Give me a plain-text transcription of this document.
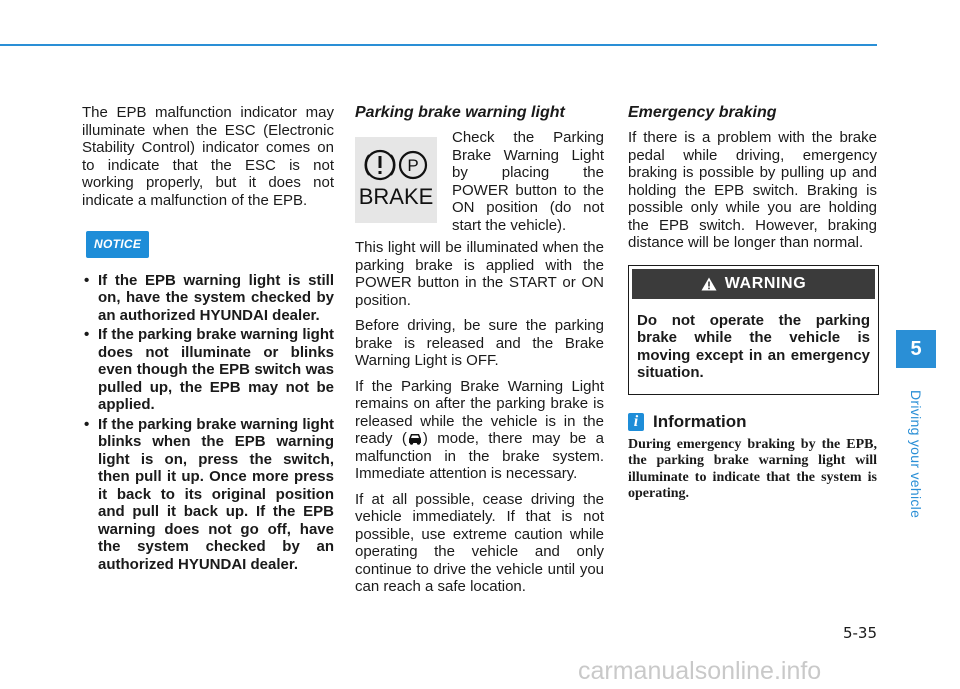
The EPB malfunction indicator may illuminate when the ESC (Electronic Stability Control) indicator comes on to indicate that the ESC is not working properly, but it does not indicate a malfunction of the EPB.

NOTICE
• If the EPB warning light is still on, have the system checked by an authorized HYUNDAI dealer.
• If the parking brake warning light does not illuminate or blinks even though the EPB switch was pulled up, the EPB may not be applied.
• If the parking brake warning light blinks when the EPB warning light is on, press the switch, then pull it up. Once more press it back to its original position and pull it back up. If the EPB warning does not go off, have the system checked by an authorized HYUNDAI dealer.
Parking brake warning light
P
BRAKE

Check the Parking Brake Warning Light by placing the POWER button to the ON position (do not start the vehicle).

This light will be illuminated when the parking brake is applied with the POWER button in the START or ON position.

Before driving, be sure the parking brake is released and the Brake Warning Light is OFF.

If the Parking Brake Warning Light remains on after the parking brake is released while the vehicle is in the ready ( ) mode, there may be a malfunction in the brake system. Immediate attention is necessary.

If at all possible, cease driving the vehicle immediately. If that is not possible, use extreme caution while operating the vehicle and only continue to drive the vehicle until you can reach a safe location.

Emergency braking

If there is a problem with the brake pedal while driving, emergency braking is possible by pulling up and holding the EPB switch. Braking is possible only while you are holding the EPB switch. However, braking distance will be longer than normal.

WARNING
Do not operate the parking brake while the vehicle is moving except in an emergency situation.
i Information

During emergency braking by the EPB, the parking brake warning light will illuminate to indicate that the system is operating.

5
Driving your vehicle
5-35
carmanualsonline.info
